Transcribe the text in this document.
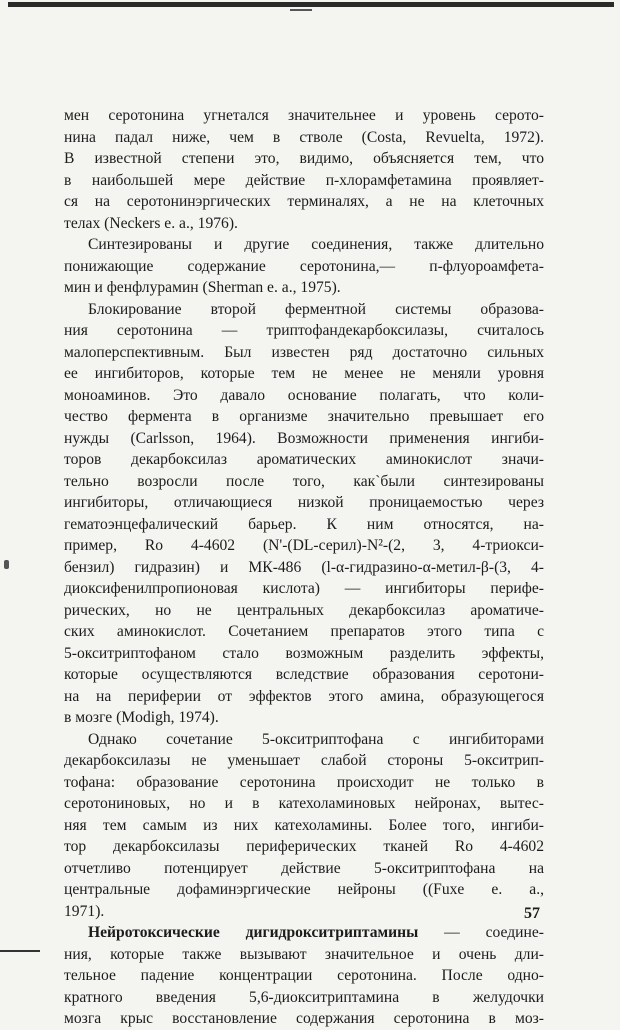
мен серотонина угнетался значительнее и уровень серото-
нина падал ниже, чем в стволе (Costa, Revuelta, 1972).
В известной степени это, видимо, объясняется тем, что
в наибольшей мере действие п-хлорамфетамина проявляет-
ся на серотонинэргических терминалях, а не на клеточных
телах (Neckers e. a., 1976).
Синтезированы и другие соединения, также длительно
понижающие содержание серотонина,— п-флуороамфета-
мин и фенфлурамин (Sherman e. a., 1975).
Блокирование второй ферментной системы образова-
ния серотонина — триптофандекарбоксилазы, считалось
малоперспективным. Был известен ряд достаточно сильных
ее ингибиторов, которые тем не менее не меняли уровня
моноаминов. Это давало основание полагать, что коли-
чество фермента в организме значительно превышает его
нужды (Carlsson, 1964). Возможности применения ингиби-
торов декарбоксилаз ароматических аминокислот значи-
тельно возросли после того, как`были синтезированы
ингибиторы, отличающиеся низкой проницаемостью через
гематоэнцефалический барьер. К ним относятся, на-
пример, Ro 4-4602 (N'-(DL-серил)-N²-(2, 3, 4-триокси-
бензил) гидразин) и МК-486 (l-α-гидразино-α-метил-β-(3, 4-
диоксифенилпропионовая кислота) — ингибиторы перифе-
рических, но не центральных декарбоксилаз ароматиче-
ских аминокислот. Сочетанием препаратов этого типа с
5-окситриптофаном стало возможным разделить эффекты,
которые осуществляются вследствие образования серотони-
на на периферии от эффектов этого амина, образующегося
в мозге (Modigh, 1974).
Однако сочетание 5-окситриптофана с ингибиторами
декарбоксилазы не уменьшает слабой стороны 5-окситрип-
тофана: образование серотонина происходит не только в
серотониновых, но и в катехоламиновых нейронах, вытес-
няя тем самым из них катехоламины. Более того, ингиби-
тор декарбоксилазы периферических тканей Ro 4-4602
отчетливо потенцирует действие 5-окситриптофана на
центральные дофаминэргические нейроны ((Fuxe e. a.,
1971).
Нейротоксические дигидрокситриптамины — соедине-
ния, которые также вызывают значительное и очень дли-
тельное падение концентрации серотонина. После одно-
кратного введения 5,6-диокситриптамина в желудочки
мозга крыс восстановление содержания серотонина в моз-
57
